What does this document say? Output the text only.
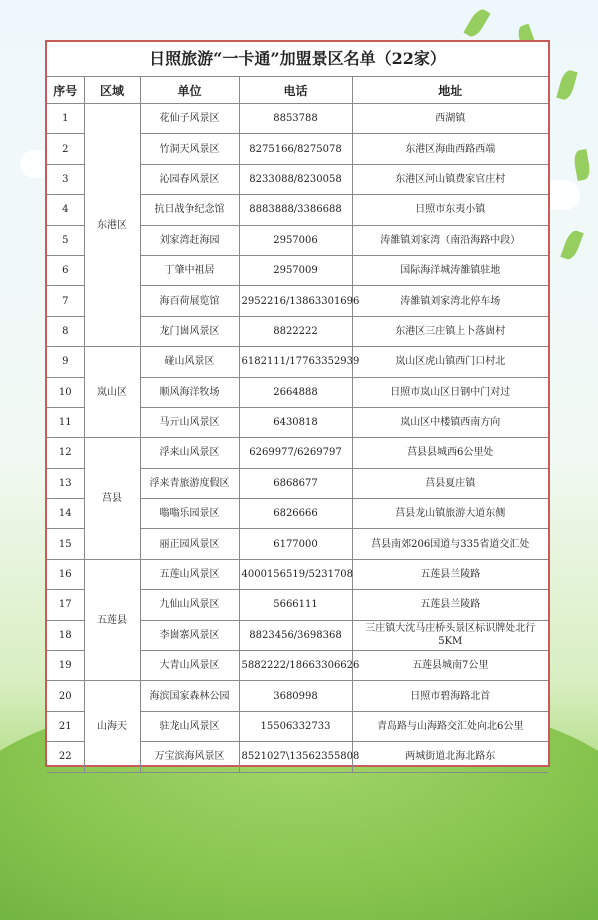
日照旅游“一卡通”加盟景区名单（22家）
序号	区域	单位	电话	地址
1	东港区	花仙子风景区	8853788	西湖镇
2		竹洞天风景区	8275166/8275078	东港区海曲西路西端
3		沁园春风景区	8233088/8230058	东港区河山镇费家官庄村
4		抗日战争纪念馆	8883888/3386688	日照市东夷小镇
5		刘家湾赶海园	2957006	涛雒镇刘家湾（南沿海路中段）
6		丁肇中祖居	2957009	国际海洋城涛雒镇驻地
7		海百荷展览馆	2952216/13863301696	涛雒镇刘家湾北停车场
8		龙门崮风景区	8822222	东港区三庄镇上卜落崮村
9	岚山区	碰山风景区	6182111/17763352939	岚山区虎山镇西门口村北
10		顺风海洋牧场	2664888	日照市岚山区日钢中门对过
11		马亓山风景区	6430818	岚山区中楼镇西南方向
12	莒县	浮来山风景区	6269977/6269797	莒县县城西6公里处
13		浮来青旅游度假区	6868677	莒县夏庄镇
14		嗡嗡乐园景区	6826666	莒县龙山镇旅游大道东侧
15		丽正园风景区	6177000	莒县南郊206国道与335省道交汇处
16	五莲县	五莲山风景区	4000156519/5231708	五莲县兰陵路
17		九仙山风景区	5666111	五莲县兰陵路
18		李崮寨风景区	8823456/3698368	三庄镇大沈马庄桥头景区标识牌处北行5KM
19		大青山风景区	5882222/18663306626	五莲县城南7公里
20	山海天	海滨国家森林公园	3680998	日照市碧海路北首
21		驻龙山风景区	15506332733	青岛路与山海路交汇处向北6公里
22		万宝滨海风景区	8521027\13562355808	两城街道北海北路东
